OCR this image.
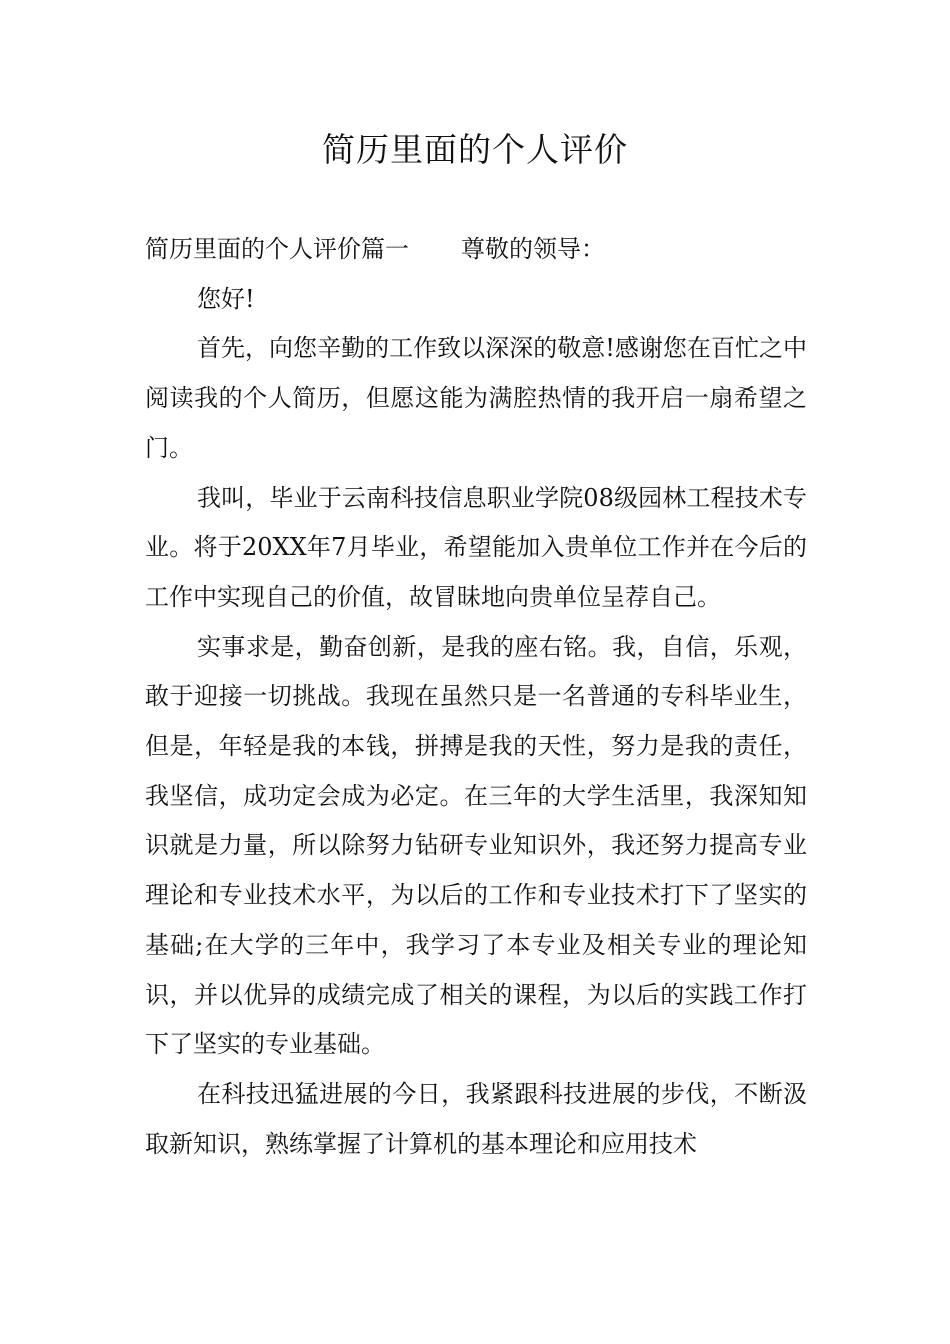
简历里面的个人评价
简历里面的个人评价篇一 尊敬的领导：

您好!

首先，向您辛勤的工作致以深深的敬意!感谢您在百忙之中阅读我的个人简历，但愿这能为满腔热情的我开启一扇希望之门。

我叫，毕业于云南科技信息职业学院08级园林工程技术专业。将于20XX年7月毕业，希望能加入贵单位工作并在今后的工作中实现自己的价值，故冒昧地向贵单位呈荐自己。

实事求是，勤奋创新，是我的座右铭。我，自信，乐观，敢于迎接一切挑战。我现在虽然只是一名普通的专科毕业生，但是，年轻是我的本钱，拼搏是我的天性，努力是我的责任，我坚信，成功定会成为必定。在三年的大学生活里，我深知知识就是力量，所以除努力钻研专业知识外，我还努力提高专业理论和专业技术水平，为以后的工作和专业技术打下了坚实的基础;在大学的三年中，我学习了本专业及相关专业的理论知识，并以优异的成绩完成了相关的课程，为以后的实践工作打下了坚实的专业基础。

在科技迅猛进展的今日，我紧跟科技进展的步伐，不断汲取新知识，熟练掌握了计算机的基本理论和应用技术
